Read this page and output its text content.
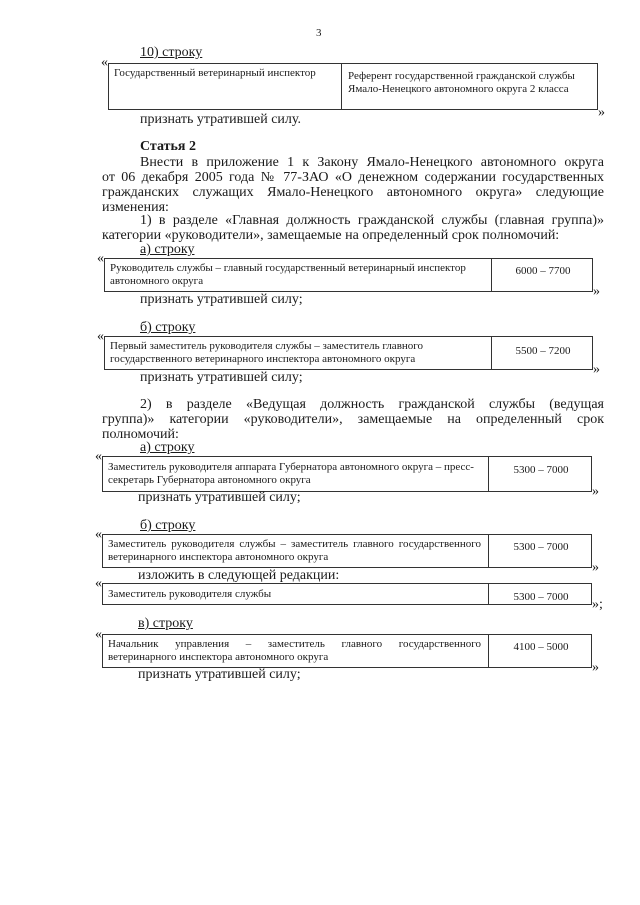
3
10) строку
«
Государственный ветеринарный инспектор	Референт государственной гражданской службы Ямало-Ненецкого автономного округа 2 класса
»
признать утратившей силу.
Статья 2
Внести в приложение 1 к Закону Ямало-Ненецкого автономного округа
от 06 декабря 2005 года № 77-ЗАО «О денежном содержании государственных
гражданских служащих Ямало-Ненецкого автономного округа» следующие
изменения:
1) в разделе «Главная должность гражданской службы (главная группа)»
категории «руководители», замещаемые на определенный срок полномочий:
а) строку
«
Руководитель службы – главный государственный ветеринарный инспектор автономного округа
6000 – 7700
»
признать утратившей силу;
б) строку
«
Первый заместитель руководителя службы – заместитель главного государственного ветеринарного инспектора автономного округа
5500 – 7200
»
признать утратившей силу;
2) в разделе «Ведущая должность гражданской службы (ведущая
группа)» категории «руководители», замещаемые на определенный срок
полномочий:
а) строку
«
Заместитель руководителя аппарата Губернатора автономного округа – пресс-секретарь Губернатора автономного округа
5300 – 7000
»
признать утратившей силу;
б) строку
«
Заместитель руководителя службы – заместитель главного государственного ветеринарного инспектора автономного округа
5300 – 7000
»
изложить в следующей редакции:
«
Заместитель руководителя службы	5300 – 7000	»;
в) строку
«
Начальник управления – заместитель главного государственного ветеринарного инспектора автономного округа
4100 – 5000
»
признать утратившей силу;
